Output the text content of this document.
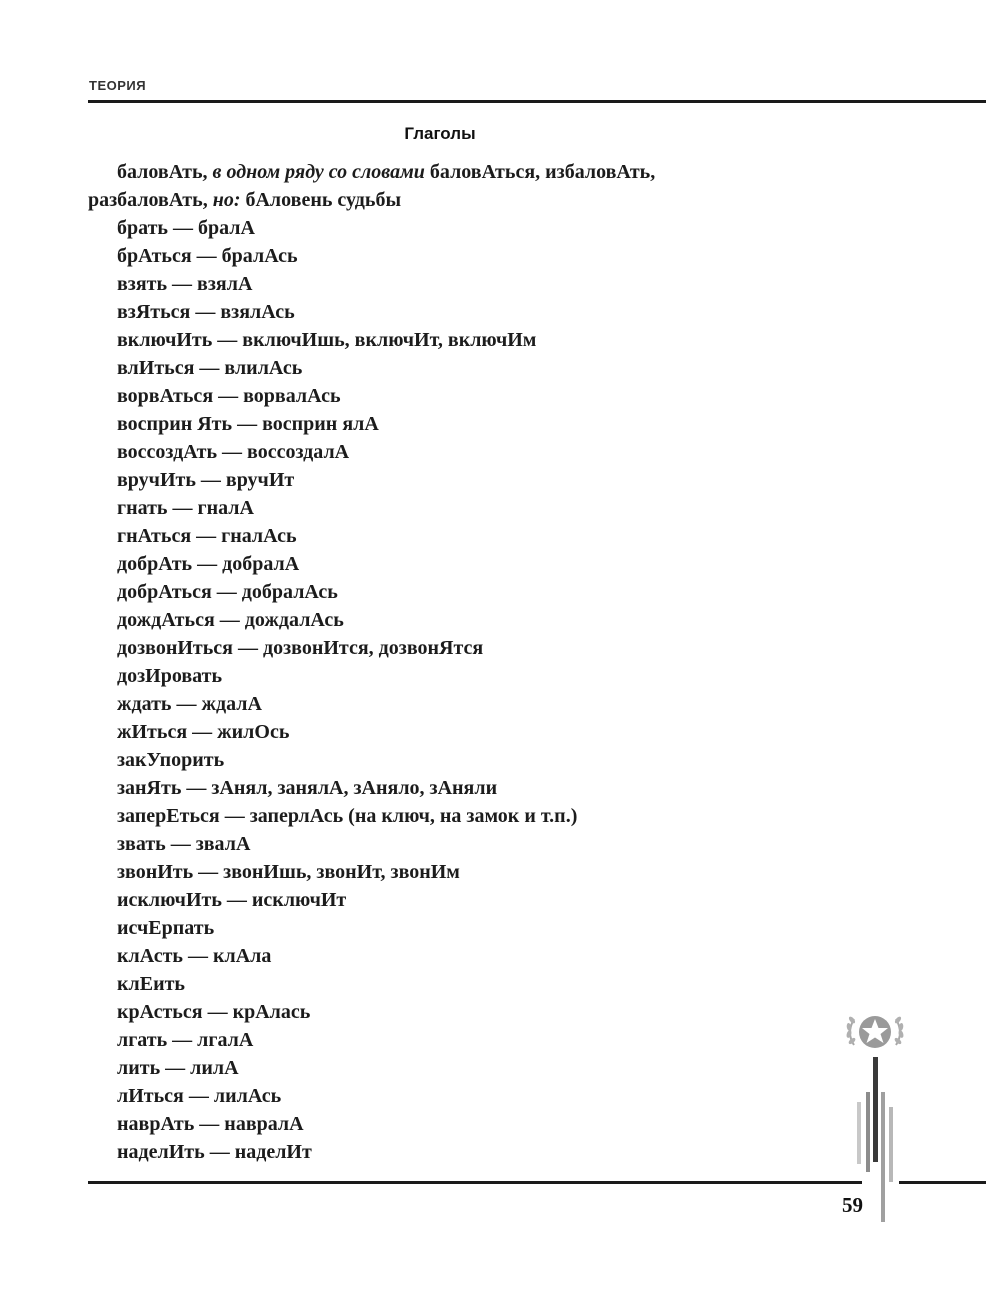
ТЕОРИЯ
Глаголы

баловАть, в одном ряду со словами баловАться, избаловАть,

разбаловАть, но: бАловень судьбы

брать — бралА
брАться — бралАсь
взять — взялА
взЯться — взялАсь
включИть — включИшь, включИт, включИм
влИться — влилАсь
ворвАться — ворвалАсь
восприн Ять — восприн ялА
воссоздАть — воссоздалА
вручИть — вручИт
гнать — гналА
гнАться — гналАсь
добрАть — добралА
добрАться — добралАсь
дождАться — дождалАсь
дозвонИться — дозвонИтся, дозвонЯтся
дозИровать
ждать — ждалА
жИться — жилОсь
закУпорить
занЯть — зАнял, занялА, зАняло, зАняли
заперЕться — заперлАсь (на ключ, на замок и т.п.)
звать — звалА
звонИть — звонИшь, звонИт, звонИм
исключИть — исключИт
исчЕрпать
клАсть — клАла
клЕить
крАсться — крАлась
лгать — лгалА
лить — лилА
лИться — лилАсь
наврАть — навралА
наделИть — наделИт
59
